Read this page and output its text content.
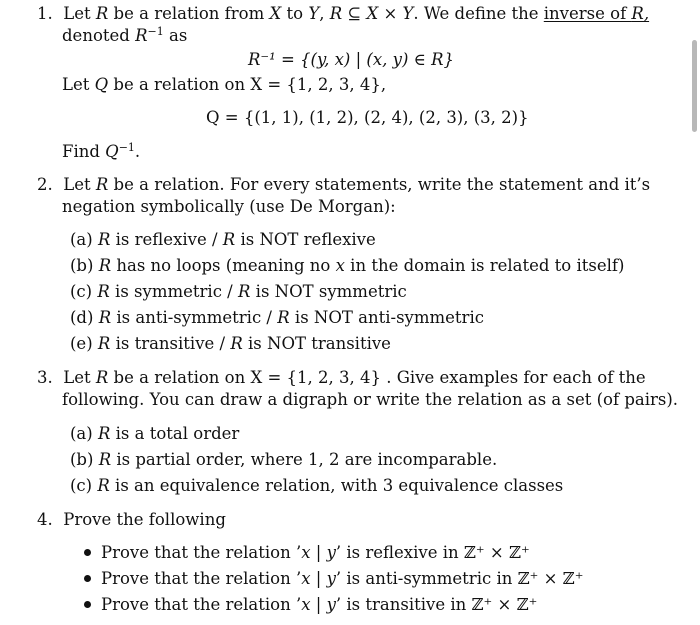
1. Let R be a relation from X to Y, R ⊆ X × Y. We define the inverse of R,
denoted $R^{-1}$ as
R⁻¹ = {(y, x) | (x, y) ∈ R}
Let Q be a relation on X = {1, 2, 3, 4},
Q = {(1, 1), (1, 2), (2, 4), (2, 3), (3, 2)}
Find $Q^{-1}$.
2. Let R be a relation. For every statements, write the statement and it’s
negation symbolically (use De Morgan):
(a) R is reflexive / R is NOT reflexive
(b) R has no loops (meaning no x in the domain is related to itself)
(c) R is symmetric / R is NOT symmetric
(d) R is anti-symmetric / R is NOT anti-symmetric
(e) R is transitive / R is NOT transitive
3. Let R be a relation on X = {1, 2, 3, 4} . Give examples for each of the
following. You can draw a digraph or write the relation as a set (of pairs).
(a) R is a total order
(b) R is partial order, where 1, 2 are incomparable.
(c) R is an equivalence relation, with 3 equivalence classes
4. Prove the following
Prove that the relation ’x | y’ is reflexive in ℤ⁺ × ℤ⁺
Prove that the relation ’x | y’ is anti-symmetric in ℤ⁺ × ℤ⁺
Prove that the relation ’x | y’ is transitive in ℤ⁺ × ℤ⁺
